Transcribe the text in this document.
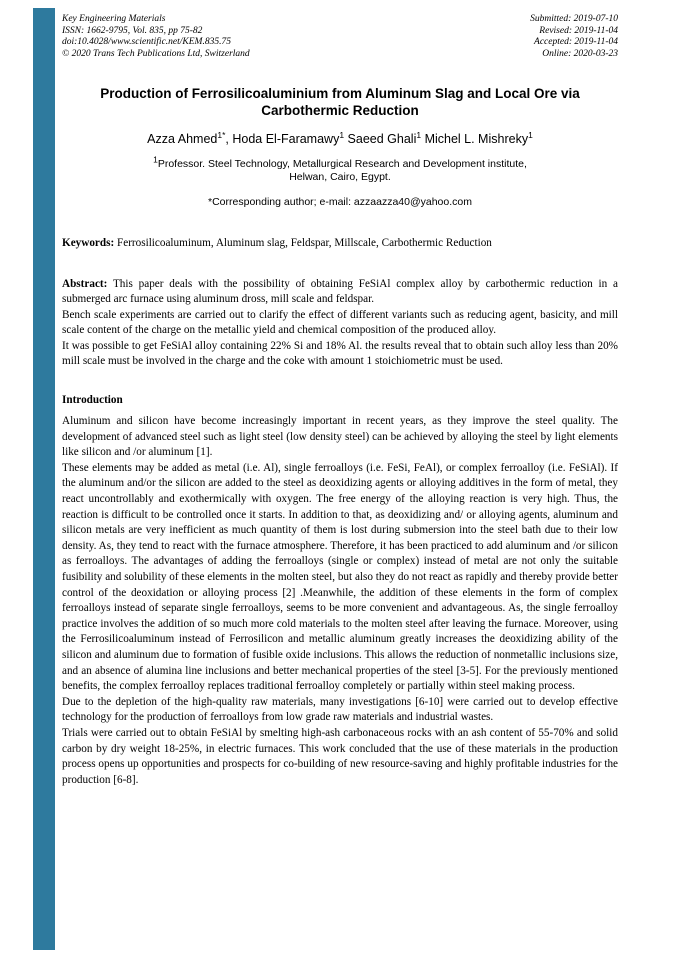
Key Engineering Materials
ISSN: 1662-9795, Vol. 835, pp 75-82
doi:10.4028/www.scientific.net/KEM.835.75
© 2020 Trans Tech Publications Ltd, Switzerland
Submitted: 2019-07-10
Revised: 2019-11-04
Accepted: 2019-11-04
Online: 2020-03-23
Production of Ferrosilicoaluminium from Aluminum Slag and Local Ore via Carbothermic Reduction

Azza Ahmed$^{1*}$, Hoda El-Faramawy$^1$ Saeed Ghali$^1$ Michel L. Mishreky$^1$

$^1$Professor. Steel Technology, Metallurgical Research and Development institute,
Helwan, Cairo, Egypt.

*Corresponding author; e-mail: azzaazza40@yahoo.com

Keywords: Ferrosilicoaluminum, Aluminum slag, Feldspar, Millscale, Carbothermic Reduction

Abstract: This paper deals with the possibility of obtaining FeSiAl complex alloy by carbothermic reduction in a submerged arc furnace using aluminum dross, mill scale and feldspar.

Bench scale experiments are carried out to clarify the effect of different variants such as reducing agent, basicity, and mill scale content of the charge on the metallic yield and chemical composition of the produced alloy.

It was possible to get FeSiAl alloy containing 22% Si and 18% Al. the results reveal that to obtain such alloy less than 20% mill scale must be involved in the charge and the coke with amount 1 stoichiometric must be used.

Introduction

Aluminum and silicon have become increasingly important in recent years, as they improve the steel quality. The development of advanced steel such as light steel (low density steel) can be achieved by alloying the steel by light elements like silicon and /or aluminum [1].

These elements may be added as metal (i.e. Al), single ferroalloys (i.e. FeSi, FeAl), or complex ferroalloy (i.e. FeSiAl). If the aluminum and/or the silicon are added to the steel as deoxidizing agents or alloying additives in the form of metal, they react uncontrollably and exothermically with oxygen. The free energy of the alloying reaction is very high. Thus, the reaction is difficult to be controlled once it starts. In addition to that, as deoxidizing and/ or alloying agents, aluminum and silicon metals are very inefficient as much quantity of them is lost during submersion into the steel bath due to their low density. As, they tend to react with the furnace atmosphere. Therefore, it has been practiced to add aluminum and /or silicon as ferroalloys. The advantages of adding the ferroalloys (single or complex) instead of metal are not only the suitable fusibility and solubility of these elements in the molten steel, but also they do not react as rapidly and thereby provide better control of the deoxidation or alloying process [2] .Meanwhile, the addition of these elements in the form of complex ferroalloys instead of separate single ferroalloys, seems to be more convenient and advantageous. As, the single ferroalloy practice involves the addition of so much more cold materials to the molten steel after leaving the furnace. Moreover, using the Ferrosilicoaluminum instead of Ferrosilicon and metallic aluminum greatly increases the deoxidizing ability of the silicon and aluminum due to formation of fusible oxide inclusions. This allows the reduction of nonmetallic inclusions size, and an absence of alumina line inclusions and better mechanical properties of the steel [3-5]. For the previously mentioned benefits, the complex ferroalloy replaces traditional ferroalloy completely or partially within steel making process.

Due to the depletion of the high-quality raw materials, many investigations [6-10] were carried out to develop effective technology for the production of ferroalloys from low grade raw materials and industrial wastes.

Trials were carried out to obtain FeSiAl by smelting high-ash carbonaceous rocks with an ash content of 55-70% and solid carbon by dry weight 18-25%, in electric furnaces. This work concluded that the use of these materials in the production process opens up opportunities and prospects for co-building of new resource-saving and highly profitable industries for the production [6-8].
